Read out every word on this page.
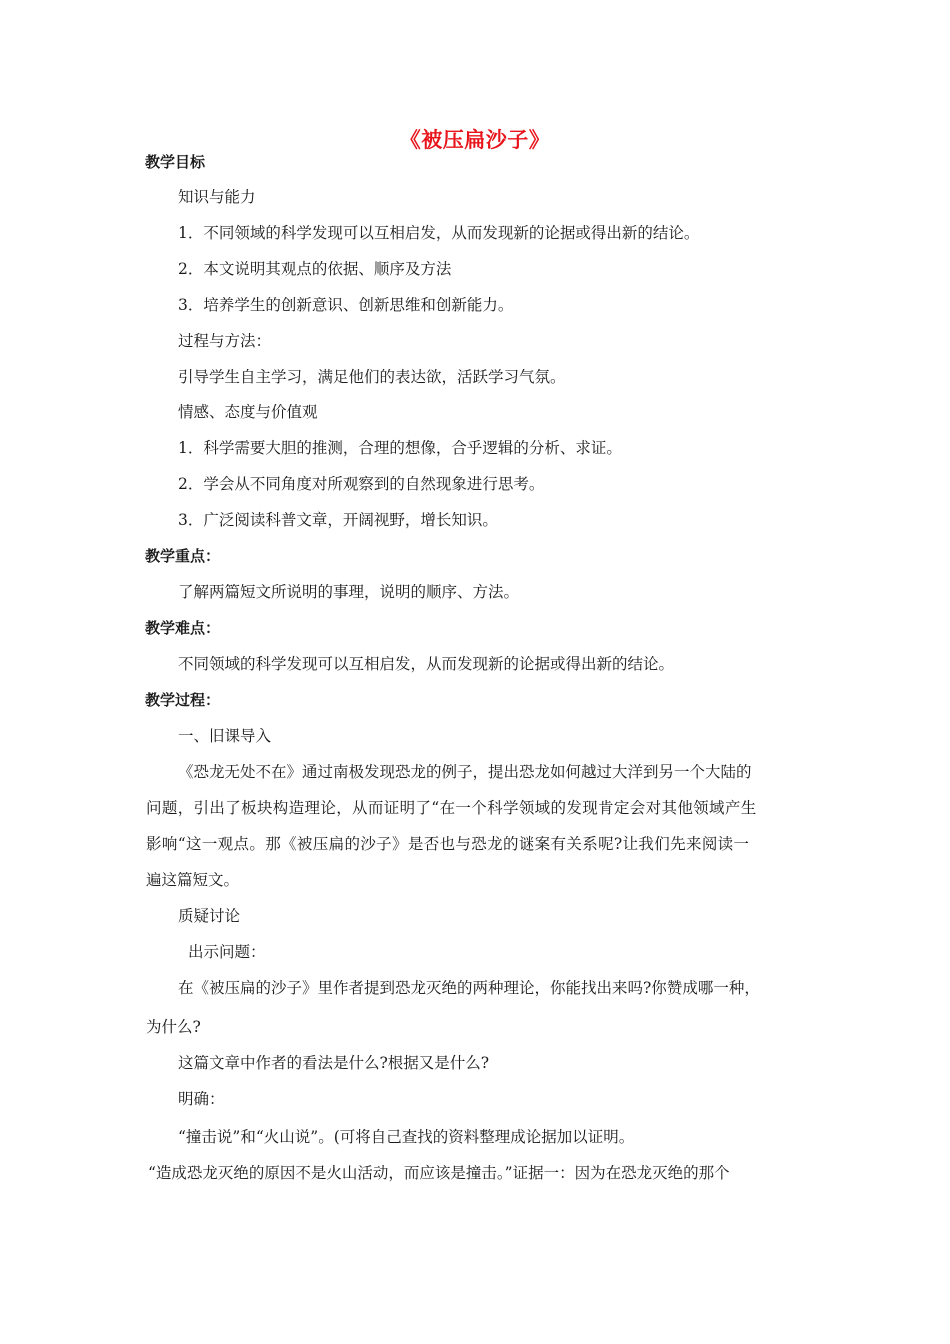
《被压扁沙子》
教学目标
知识与能力
1．不同领域的科学发现可以互相启发，从而发现新的论据或得出新的结论。
2．本文说明其观点的依据、顺序及方法
3．培养学生的创新意识、创新思维和创新能力。
过程与方法：
引导学生自主学习，满足他们的表达欲，活跃学习气氛。
情感、态度与价值观
1．科学需要大胆的推测，合理的想像，合乎逻辑的分析、求证。
2．学会从不同角度对所观察到的自然现象进行思考。
3．广泛阅读科普文章，开阔视野，增长知识。
教学重点：
了解两篇短文所说明的事理，说明的顺序、方法。
教学难点：
不同领域的科学发现可以互相启发，从而发现新的论据或得出新的结论。
教学过程：
一、旧课导入
《恐龙无处不在》通过南极发现恐龙的例子，提出恐龙如何越过大洋到另一个大陆的
问题，引出了板块构造理论，从而证明了“在一个科学领域的发现肯定会对其他领域产生
影响“这一观点。那《被压扁的沙子》是否也与恐龙的谜案有关系呢?让我们先来阅读一
遍这篇短文。
质疑讨论
出示问题：
在《被压扁的沙子》里作者提到恐龙灭绝的两种理论，你能找出来吗?你赞成哪一种，
为什么?
这篇文章中作者的看法是什么?根据又是什么?
明确：
“撞击说”和“火山说”。(可将自己查找的资料整理成论据加以证明。
“造成恐龙灭绝的原因不是火山活动，而应该是撞击。”证据一：因为在恐龙灭绝的那个
